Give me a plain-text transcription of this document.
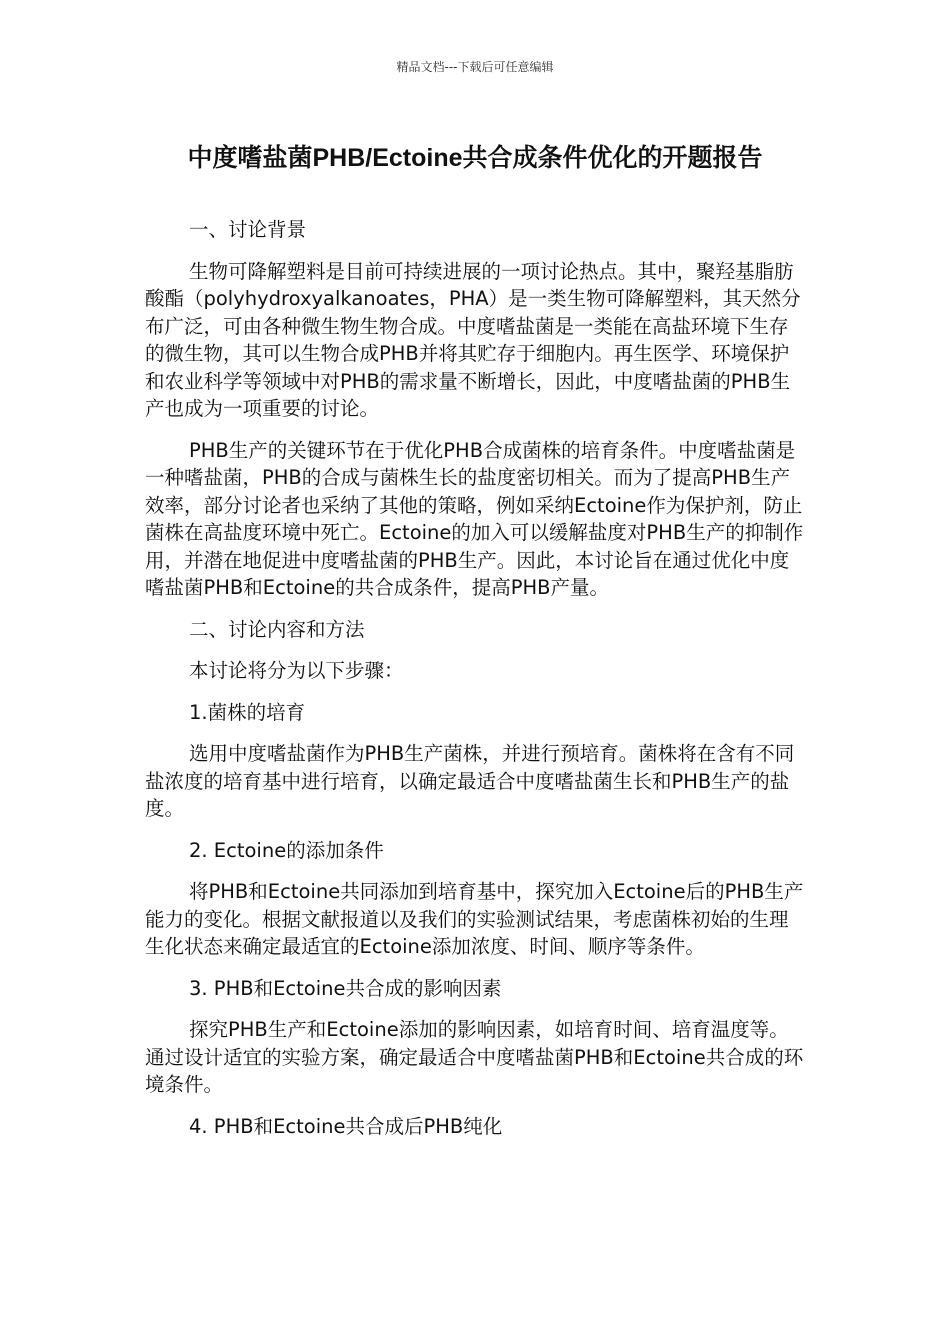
精品文档---下载后可任意编辑
中度嗜盐菌PHB/Ectoine共合成条件优化的开题报告

一、讨论背景

生物可降解塑料是目前可持续进展的一项讨论热点。其中，聚羟基脂肪酸酯（polyhydroxyalkanoates，PHA）是一类生物可降解塑料，其天然分布广泛，可由各种微生物生物合成。中度嗜盐菌是一类能在高盐环境下生存的微生物，其可以生物合成PHB并将其贮存于细胞内。再生医学、环境保护和农业科学等领域中对PHB的需求量不断增长，因此，中度嗜盐菌的PHB生产也成为一项重要的讨论。

PHB生产的关键环节在于优化PHB合成菌株的培育条件。中度嗜盐菌是一种嗜盐菌，PHB的合成与菌株生长的盐度密切相关。而为了提高PHB生产效率，部分讨论者也采纳了其他的策略，例如采纳Ectoine作为保护剂，防止菌株在高盐度环境中死亡。Ectoine的加入可以缓解盐度对PHB生产的抑制作用，并潜在地促进中度嗜盐菌的PHB生产。因此，本讨论旨在通过优化中度嗜盐菌PHB和Ectoine的共合成条件，提高PHB产量。

二、讨论内容和方法

本讨论将分为以下步骤：

1.菌株的培育

选用中度嗜盐菌作为PHB生产菌株，并进行预培育。菌株将在含有不同盐浓度的培育基中进行培育，以确定最适合中度嗜盐菌生长和PHB生产的盐度。

2. Ectoine的添加条件

将PHB和Ectoine共同添加到培育基中，探究加入Ectoine后的PHB生产能力的变化。根据文献报道以及我们的实验测试结果，考虑菌株初始的生理生化状态来确定最适宜的Ectoine添加浓度、时间、顺序等条件。

3. PHB和Ectoine共合成的影响因素

探究PHB生产和Ectoine添加的影响因素，如培育时间、培育温度等。通过设计适宜的实验方案，确定最适合中度嗜盐菌PHB和Ectoine共合成的环境条件。

4. PHB和Ectoine共合成后PHB纯化
